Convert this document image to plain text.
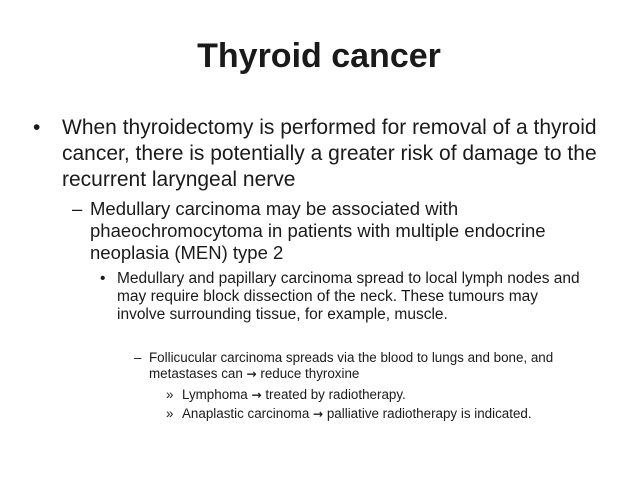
Thyroid cancer
• When thyroidectomy is performed for removal of a thyroid cancer, there is potentially a greater risk of damage to the recurrent laryngeal nerve
– Medullary carcinoma may be associated with phaeochromocytoma in patients with multiple endocrine neoplasia (MEN) type 2
• Medullary and papillary carcinoma spread to local lymph nodes and may require block dissection of the neck. These tumours may involve surrounding tissue, for example, muscle.
– Follicucular carcinoma spreads via the blood to lungs and bone, and metastases can → reduce thyroxine
» Lymphoma → treated by radiotherapy.
» Anaplastic carcinoma → palliative radiotherapy is indicated.
